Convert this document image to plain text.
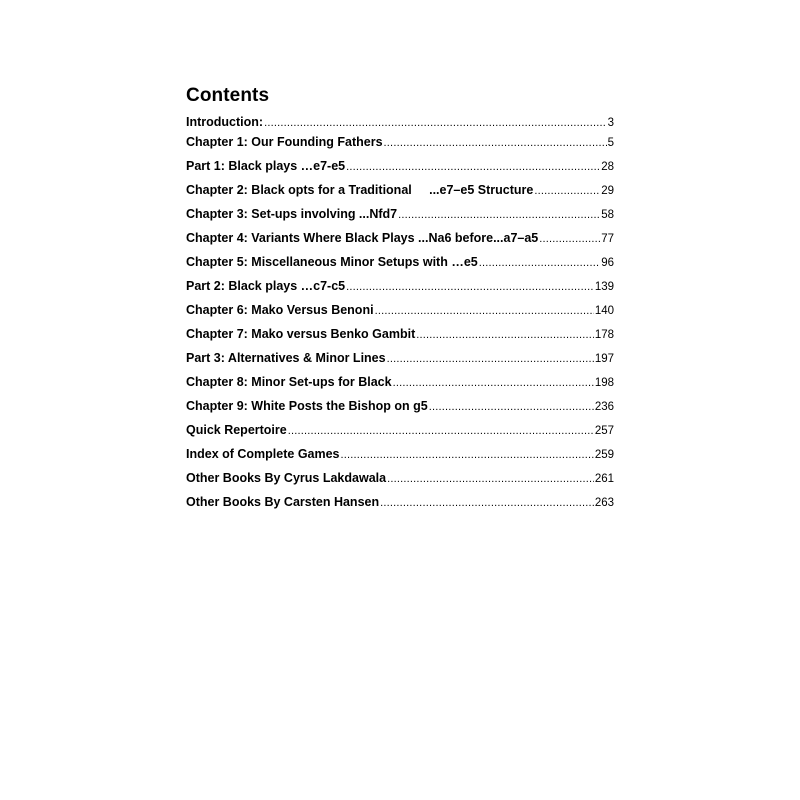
Contents
Introduction: .....	3
Chapter 1: Our Founding Fathers .....	5
Part 1: Black plays …e7-e5 .....	28
Chapter 2: Black opts for a Traditional     ...e7–e5 Structure .....	29
Chapter 3: Set-ups involving ...Nfd7 .....	58
Chapter 4: Variants Where Black Plays ...Na6 before...a7–a5 .....	77
Chapter 5: Miscellaneous Minor Setups with …e5 .....	96
Part 2: Black plays …c7-c5 .....	139
Chapter 6: Mako Versus Benoni .....	140
Chapter 7: Mako versus Benko Gambit .....	178
Part 3: Alternatives & Minor Lines .....	197
Chapter 8: Minor Set-ups for Black .....	198
Chapter 9: White Posts the Bishop on g5 .....	236
Quick Repertoire .....	257
Index of Complete Games .....	259
Other Books By Cyrus Lakdawala .....	261
Other Books By Carsten Hansen .....	263
